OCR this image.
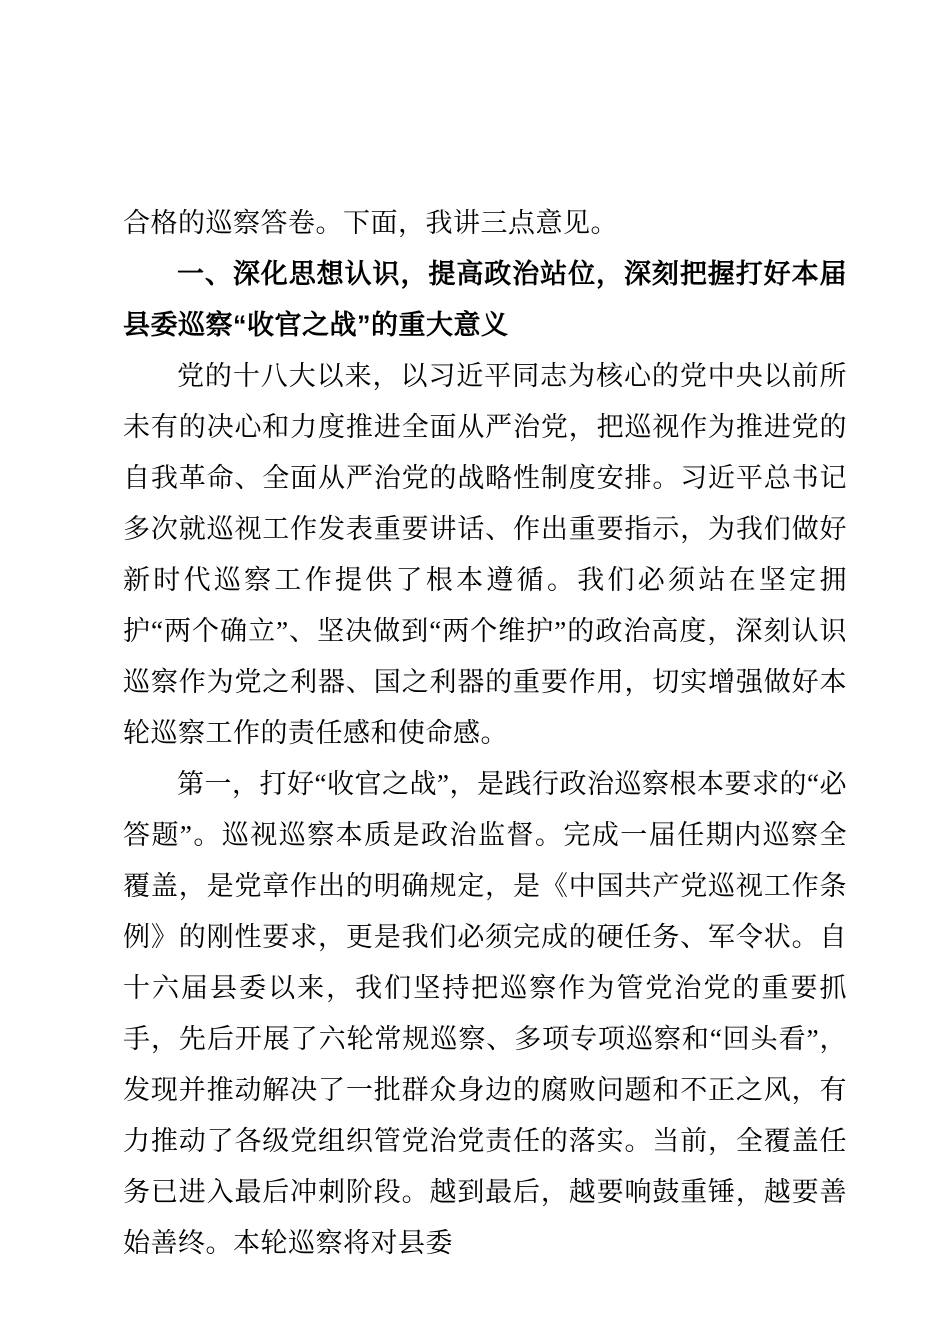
合格的巡察答卷。下面，我讲三点意见。

一、深化思想认识，提高政治站位，深刻把握打好本届县委巡察“收官之战”的重大意义

党的十八大以来，以习近平同志为核心的党中央以前所未有的决心和力度推进全面从严治党，把巡视作为推进党的自我革命、全面从严治党的战略性制度安排。习近平总书记多次就巡视工作发表重要讲话、作出重要指示，为我们做好新时代巡察工作提供了根本遵循。我们必须站在坚定拥护“两个确立”、坚决做到“两个维护”的政治高度，深刻认识巡察作为党之利器、国之利器的重要作用，切实增强做好本轮巡察工作的责任感和使命感。

第一，打好“收官之战”，是践行政治巡察根本要求的“必答题”。巡视巡察本质是政治监督。完成一届任期内巡察全覆盖，是党章作出的明确规定，是《中国共产党巡视工作条例》的刚性要求，更是我们必须完成的硬任务、军令状。自十六届县委以来，我们坚持把巡察作为管党治党的重要抓手，先后开展了六轮常规巡察、多项专项巡察和“回头看”，发现并推动解决了一批群众身边的腐败问题和不正之风，有力推动了各级党组织管党治党责任的落实。当前，全覆盖任务已进入最后冲刺阶段。越到最后，越要响鼓重锤，越要善始善终。本轮巡察将对县委
